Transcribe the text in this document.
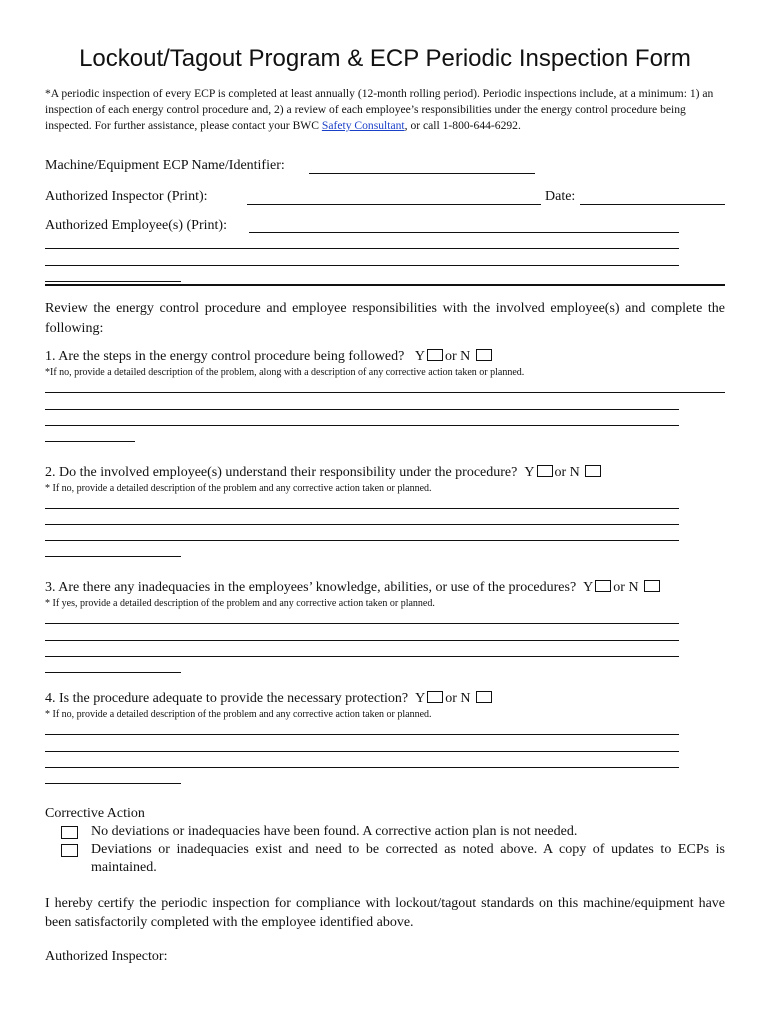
Lockout/Tagout Program & ECP Periodic Inspection Form
*A periodic inspection of every ECP is completed at least annually (12-month rolling period). Periodic inspections include, at a minimum: 1) an inspection of each energy control procedure and, 2) a review of each employee’s responsibilities under the energy control procedure being inspected. For further assistance, please contact your BWC Safety Consultant, or call 1-800-644-6292.
Machine/Equipment ECP Name/Identifier:
Authorized Inspector (Print):	Date:
Authorized Employee(s) (Print):
Review the energy control procedure and employee responsibilities with the involved employee(s) and complete the following:
1. Are the steps in the energy control procedure being followed? Y or N
*If no, provide a detailed description of the problem, along with a description of any corrective action taken or planned.
2. Do the involved employee(s) understand their responsibility under the procedure? Y or N
* If no, provide a detailed description of the problem and any corrective action taken or planned.
3. Are there any inadequacies in the employees’ knowledge, abilities, or use of the procedures? Y or N
* If yes, provide a detailed description of the problem and any corrective action taken or planned.
4. Is the procedure adequate to provide the necessary protection? Y or N
* If no, provide a detailed description of the problem and any corrective action taken or planned.
Corrective Action
No deviations or inadequacies have been found. A corrective action plan is not needed.
Deviations or inadequacies exist and need to be corrected as noted above. A copy of updates to ECPs is maintained.
I hereby certify the periodic inspection for compliance with lockout/tagout standards on this machine/equipment have been satisfactorily completed with the employee identified above.
Authorized Inspector:
